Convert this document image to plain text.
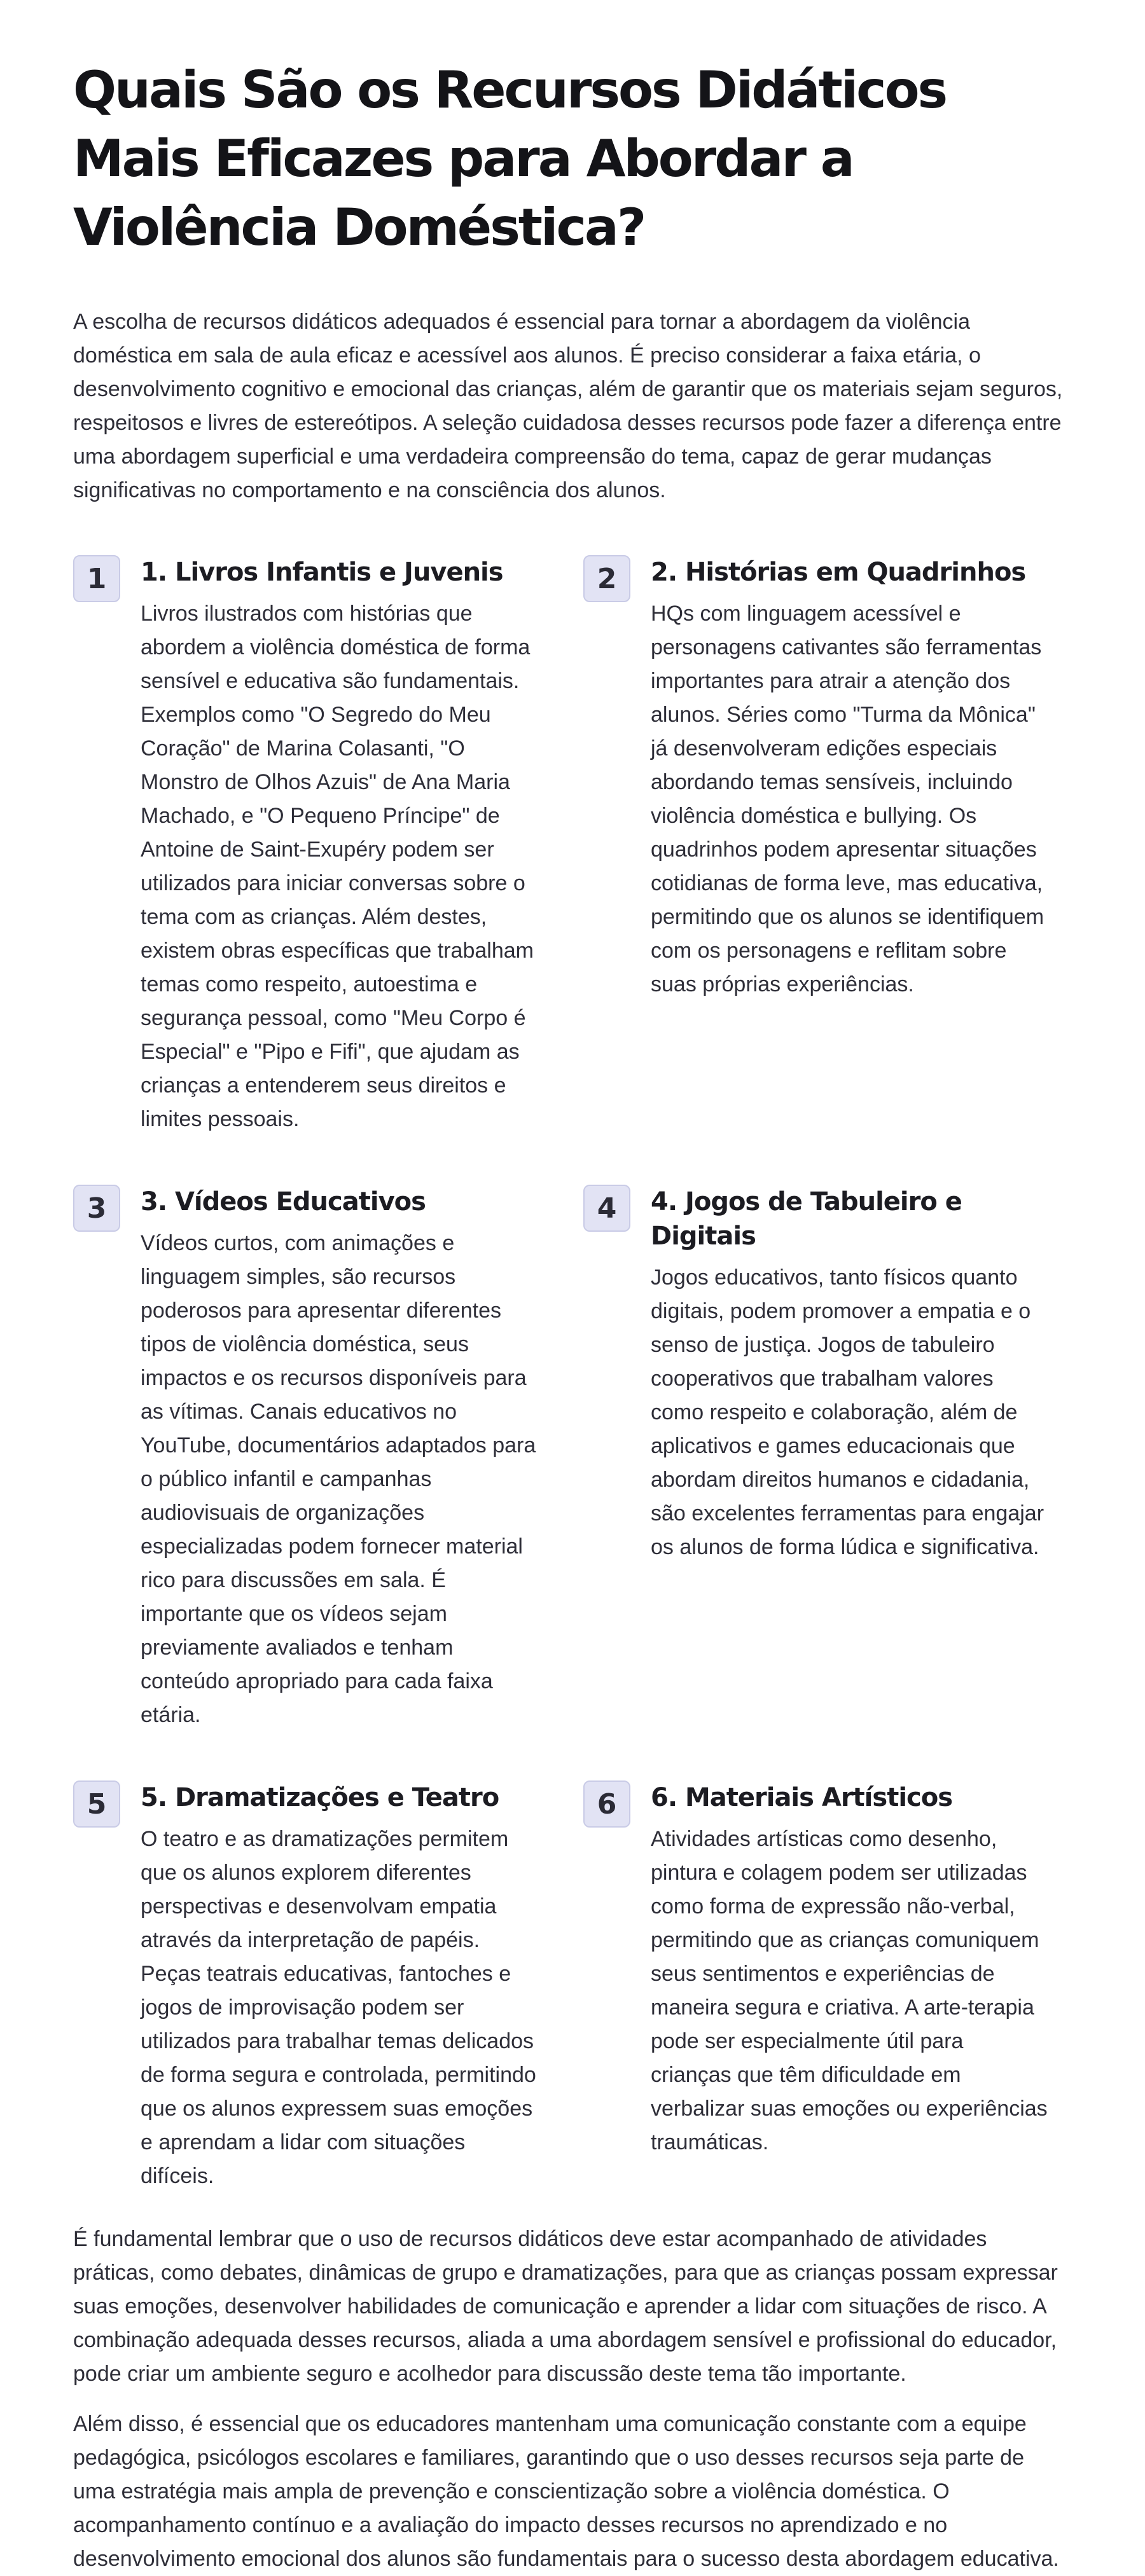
Quais São os Recursos Didáticos Mais Eficazes para Abordar a Violência Doméstica?

A escolha de recursos didáticos adequados é essencial para tornar a abordagem da violência doméstica em sala de aula eficaz e acessível aos alunos. É preciso considerar a faixa etária, o desenvolvimento cognitivo e emocional das crianças, além de garantir que os materiais sejam seguros, respeitosos e livres de estereótipos. A seleção cuidadosa desses recursos pode fazer a diferença entre uma abordagem superficial e uma verdadeira compreensão do tema, capaz de gerar mudanças significativas no comportamento e na consciência dos alunos.

1	1. Livros Infantis e Juvenis

Livros ilustrados com histórias que abordem a violência doméstica de forma sensível e educativa são fundamentais. Exemplos como "O Segredo do Meu Coração" de Marina Colasanti, "O Monstro de Olhos Azuis" de Ana Maria Machado, e "O Pequeno Príncipe" de Antoine de Saint-Exupéry podem ser utilizados para iniciar conversas sobre o tema com as crianças. Além destes, existem obras específicas que trabalham temas como respeito, autoestima e segurança pessoal, como "Meu Corpo é Especial" e "Pipo e Fifi", que ajudam as crianças a entenderem seus direitos e limites pessoais.

2	2. Histórias em Quadrinhos

HQs com linguagem acessível e personagens cativantes são ferramentas importantes para atrair a atenção dos alunos. Séries como "Turma da Mônica" já desenvolveram edições especiais abordando temas sensíveis, incluindo violência doméstica e bullying. Os quadrinhos podem apresentar situações cotidianas de forma leve, mas educativa, permitindo que os alunos se identifiquem com os personagens e reflitam sobre suas próprias experiências.

3	3. Vídeos Educativos

Vídeos curtos, com animações e linguagem simples, são recursos poderosos para apresentar diferentes tipos de violência doméstica, seus impactos e os recursos disponíveis para as vítimas. Canais educativos no YouTube, documentários adaptados para o público infantil e campanhas audiovisuais de organizações especializadas podem fornecer material rico para discussões em sala. É importante que os vídeos sejam previamente avaliados e tenham conteúdo apropriado para cada faixa etária.

4	4. Jogos de Tabuleiro e Digitais

Jogos educativos, tanto físicos quanto digitais, podem promover a empatia e o senso de justiça. Jogos de tabuleiro cooperativos que trabalham valores como respeito e colaboração, além de aplicativos e games educacionais que abordam direitos humanos e cidadania, são excelentes ferramentas para engajar os alunos de forma lúdica e significativa.

5	5. Dramatizações e Teatro

O teatro e as dramatizações permitem que os alunos explorem diferentes perspectivas e desenvolvam empatia através da interpretação de papéis. Peças teatrais educativas, fantoches e jogos de improvisação podem ser utilizados para trabalhar temas delicados de forma segura e controlada, permitindo que os alunos expressem suas emoções e aprendam a lidar com situações difíceis.

6	6. Materiais Artísticos

Atividades artísticas como desenho, pintura e colagem podem ser utilizadas como forma de expressão não-verbal, permitindo que as crianças comuniquem seus sentimentos e experiências de maneira segura e criativa. A arte-terapia pode ser especialmente útil para crianças que têm dificuldade em verbalizar suas emoções ou experiências traumáticas.

É fundamental lembrar que o uso de recursos didáticos deve estar acompanhado de atividades práticas, como debates, dinâmicas de grupo e dramatizações, para que as crianças possam expressar suas emoções, desenvolver habilidades de comunicação e aprender a lidar com situações de risco. A combinação adequada desses recursos, aliada a uma abordagem sensível e profissional do educador, pode criar um ambiente seguro e acolhedor para discussão deste tema tão importante.

Além disso, é essencial que os educadores mantenham uma comunicação constante com a equipe pedagógica, psicólogos escolares e familiares, garantindo que o uso desses recursos seja parte de uma estratégia mais ampla de prevenção e conscientização sobre a violência doméstica. O acompanhamento contínuo e a avaliação do impacto desses recursos no aprendizado e no desenvolvimento emocional dos alunos são fundamentais para o sucesso desta abordagem educativa.
